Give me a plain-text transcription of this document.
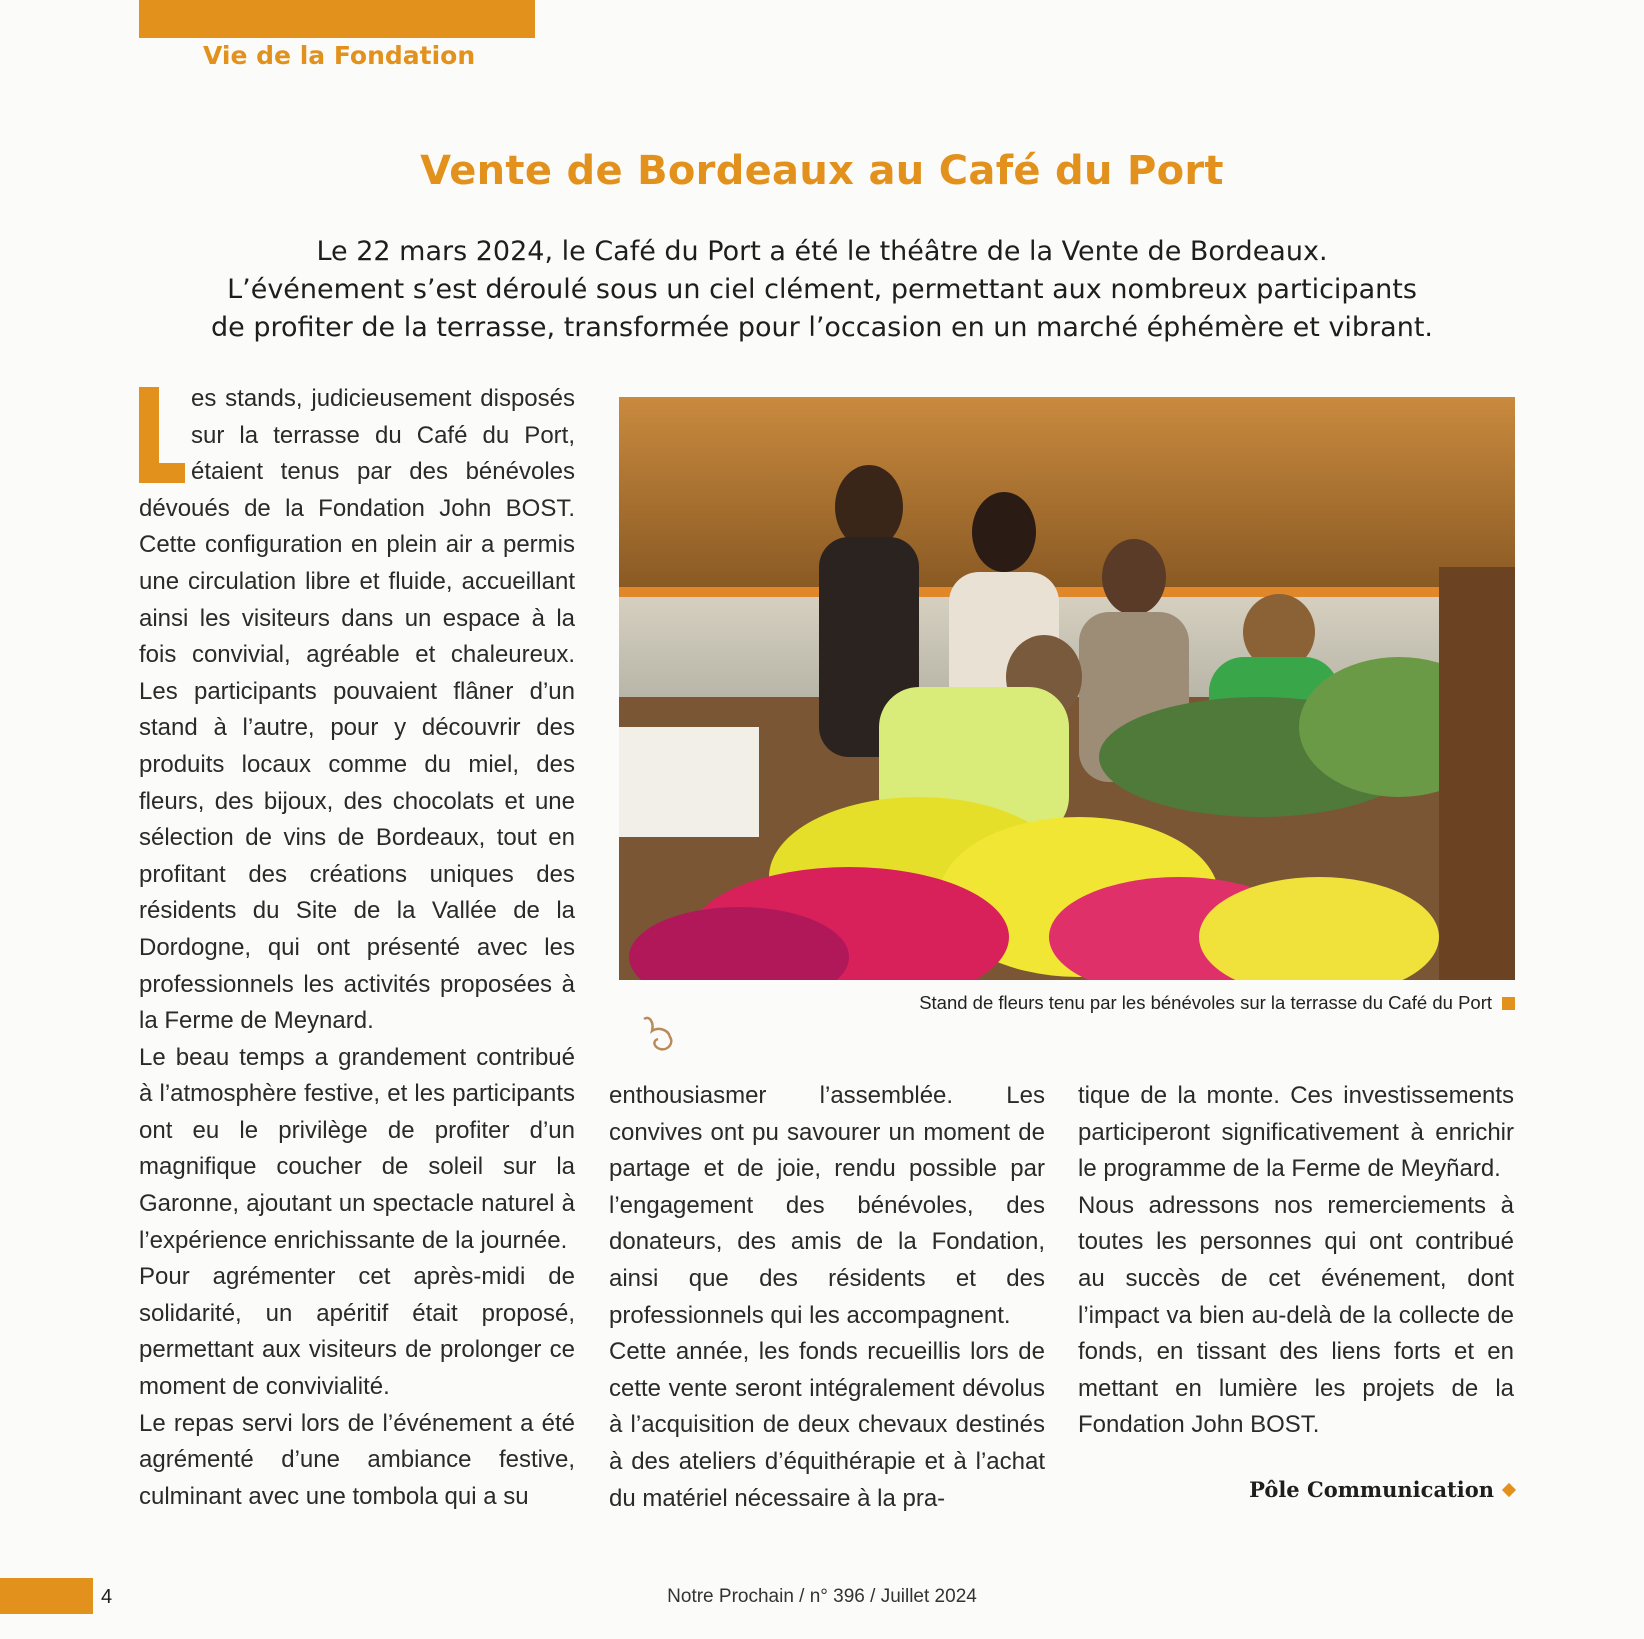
Vie de la Fondation
Vente de Bordeaux au Café du Port

Le 22 mars 2024, le Café du Port a été le théâtre de la Vente de Bordeaux.

L’événement s’est déroulé sous un ciel clément, permettant aux nombreux participants

de profiter de la terrasse, transformée pour l’occasion en un marché éphémère et vibrant.

es stands, judicieusement disposés sur la terrasse du Café du Port, étaient tenus par des bénévoles dévoués de la Fondation John BOST. Cette configuration en plein air a permis une circulation libre et fluide, accueillant ainsi les visiteurs dans un espace à la fois convivial, agréable et chaleureux. Les participants pouvaient flâner d’un stand à l’autre, pour y découvrir des produits locaux comme du miel, des fleurs, des bijoux, des chocolats et une sélection de vins de Bordeaux, tout en profitant des créations uniques des résidents du Site de la Vallée de la Dordogne, qui ont présenté avec les professionnels les activités proposées à la Ferme de Meynard.

Le beau temps a grandement contribué à l’atmosphère festive, et les participants ont eu le privilège de profiter d’un magnifique coucher de soleil sur la Garonne, ajoutant un spectacle naturel à l’expérience enrichissante de la journée.

Pour agrémenter cet après-midi de solidarité, un apéritif était proposé, permettant aux visiteurs de prolonger ce moment de convivialité.

Le repas servi lors de l’événement a été agrémenté d’une ambiance festive, culminant avec une tombola qui a su

Stand de fleurs tenu par les bénévoles sur la terrasse du Café du Port

enthousiasmer l’assemblée. Les convives ont pu savourer un moment de partage et de joie, rendu possible par l’engagement des bénévoles, des donateurs, des amis de la Fondation, ainsi que des résidents et des professionnels qui les accompagnent.

Cette année, les fonds recueillis lors de cette vente seront intégralement dévolus à l’acquisition de deux chevaux destinés à des ateliers d’équithérapie et à l’achat du matériel nécessaire à la pra-

tique de la monte. Ces investissements participeront significativement à enrichir le programme de la Ferme de Meyñard.

Nous adressons nos remerciements à toutes les personnes qui ont contribué au succès de cet événement, dont l’impact va bien au-delà de la collecte de fonds, en tissant des liens forts et en mettant en lumière les projets de la Fondation John BOST.

Pôle Communication
4	Notre Prochain / n° 396 / Juillet 2024
